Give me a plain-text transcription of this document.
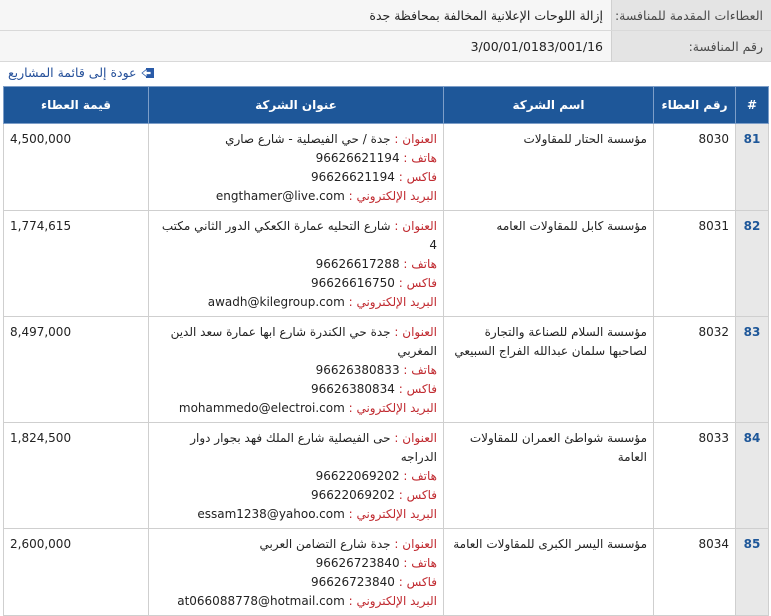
العطاءات المقدمة للمنافسة:
إزالة اللوحات الإعلانية المخالفة بمحافظة جدة
رقم المنافسة:
3/00/01/0183/001/16
عودة إلى قائمة المشاريع
#	رقم العطاء	اسم الشركة	عنوان الشركة	قيمة العطاء
81	8030	مؤسسة الحتار للمقاولات	العنوان : جدة / حي الفيصلية - شارع صاري
هاتف : 96626621194
فاكس : 96626621194
البريد الإلكتروني : engthamer@live.com	4,500,000
82	8031	مؤسسة كابل للمقاولات العامه	العنوان : شارع التحليه عمارة الكعكي الدور الثاني مكتب 4
هاتف : 96626617288
فاكس : 96626616750
البريد الإلكتروني : awadh@kilegroup.com	1,774,615
83	8032	مؤسسة السلام للصناعة والتجارة لصاحبها سلمان عبدالله الفراج السبيعي	العنوان : جدة حي الكندرة شارع ابها عمارة سعد الدين المغربي
هاتف : 96626380833
فاكس : 96626380834
البريد الإلكتروني : mohammedo@electroi.com	8,497,000
84	8033	مؤسسة شواطئ العمران للمقاولات العامة	العنوان : حى الفيصلية شارع الملك فهد بجوار دوار الدراجه
هاتف : 96622069202
فاكس : 96622069202
البريد الإلكتروني : essam1238@yahoo.com	1,824,500
85	8034	مؤسسة اليسر الكبرى للمقاولات العامة	العنوان : جدة شارع التضامن العربي
هاتف : 96626723840
فاكس : 96626723840
البريد الإلكتروني : at066088778@hotmail.com	2,600,000
